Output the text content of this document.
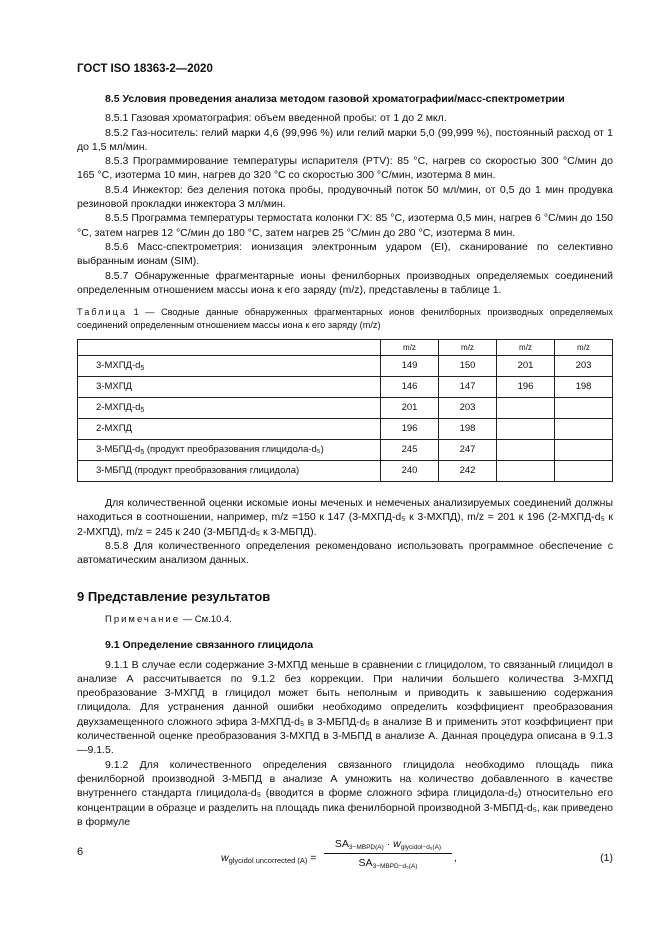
ГОСТ ISO 18363-2—2020

8.5 Условия проведения анализа методом газовой хроматографии/масс-спектрометрии

8.5.1 Газовая хроматография: объем введенной пробы: от 1 до 2 мкл.

8.5.2 Газ-носитель: гелий марки 4,6 (99,996 %) или гелий марки 5,0 (99,999 %), постоянный расход от 1 до 1,5 мл/мин.

8.5.3 Программирование температуры испарителя (PTV): 85 °C, нагрев со скоростью 300 °C/мин до 165 °C, изотерма 10 мин, нагрев до 320 °C со скоростью 300 °C/мин, изотерма 8 мин.

8.5.4 Инжектор: без деления потока пробы, продувочный поток 50 мл/мин, от 0,5 до 1 мин продувка резиновой прокладки инжектора 3 мл/мин.

8.5.5 Программа температуры термостата колонки ГХ: 85 °C, изотерма 0,5 мин, нагрев 6 °C/мин до 150 °C, затем нагрев 12 °C/мин до 180 °C, затем нагрев 25 °C/мин до 280 °C, изотерма 8 мин.

8.5.6 Масс-спектрометрия: ионизация электронным ударом (EI), сканирование по селективно выбранным ионам (SIM).

8.5.7 Обнаруженные фрагментарные ионы фенилборных производных определяемых соединений определенным отношением массы иона к его заряду (m/z), представлены в таблице 1.

Таблица 1 — Сводные данные обнаруженных фрагментарных ионов фенилборных производных определяемых соединений определенным отношением массы иона к его заряду (m/z)

	m/z	m/z	m/z	m/z
$3-МХПД-d_5$	149	150	201	203
3-МХПД	146	147	196	198
$2-МХПД-d_5$	201	203		
2-МХПД	196	198		
$3-МБПД-d_5$ (продукт преобразования глицидола-d₅)	245	247		
3-МБПД (продукт преобразования глицидола)	240	242		

Для количественной оценки искомые ионы меченых и немеченых анализируемых соединений должны находиться в соотношении, например, m/z =150 к 147 (3-МХПД-d₅ к 3-МХПД), m/z = 201 к 196 (2-МХПД-d₅ к 2-МХПД), m/z = 245 к 240 (3-МБПД-d₅ к 3-МБПД).

8.5.8 Для количественного определения рекомендовано использовать программное обеспечение с автоматическим анализом данных.

9 Представление результатов

Примечание — См.10.4.

9.1 Определение связанного глицидола

9.1.1 В случае если содержание 3-МХПД меньше в сравнении с глицидолом, то связанный глицидол в анализе А рассчитывается по 9.1.2 без коррекции. При наличии большего количества 3-МХПД преобразование 3-МХПД в глицидол может быть неполным и приводить к завышению содержания глицидола. Для устранения данной ошибки необходимо определить коэффициент преобразования двухзамещенного сложного эфира 3-МХПД-d₅ в 3-МБПД-d₅ в анализе В и применить этот коэффициент при количественной оценке преобразования 3-МХПД в 3-МБПД в анализе А. Данная процедура описана в 9.1.3—9.1.5.

9.1.2 Для количественного определения связанного глицидола необходимо площадь пика фенилборной производной 3-МБПД в анализе А умножить на количество добавленного в качестве внутреннего стандарта глицидола-d₅ (вводится в форме сложного эфира глицидола-d₅) относительно его концентрации в образце и разделить на площадь пика фенилборной производной 3-МБПД-d₅, как приведено в формуле

$w_{glycidol uncorrected (A)}$ =
$SA_{3-MBPD(A)} \cdot w_{glycidol-d_5(A)}$
$SA_{3-MBPD-d_5(A)}$
,	(1)
6
